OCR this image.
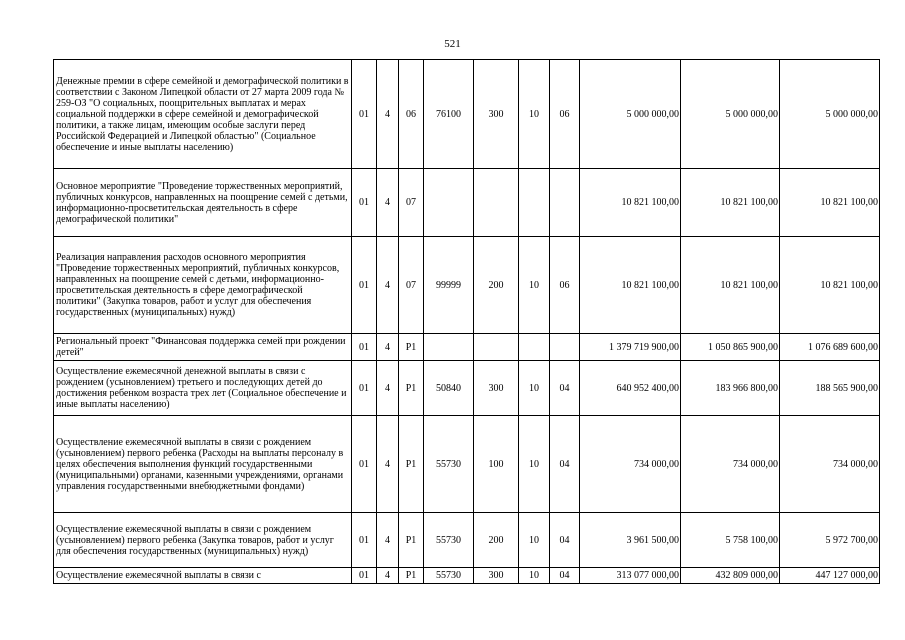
521
Денежные премии в сфере семейной и демографической политики в соответствии с Законом Липецкой области от 27 марта 2009 года № 259-ОЗ "О социальных, поощрительных выплатах и мерах социальной поддержки в сфере семейной и демографической политики, а также лицам, имеющим особые заслуги перед Российской Федерацией и Липецкой областью" (Социальное обеспечение и иные выплаты населению)	01	4	06	76100	300	10	06	5 000 000,00	5 000 000,00	5 000 000,00
Основное мероприятие "Проведение торжественных мероприятий, публичных конкурсов, направленных на поощрение семей с детьми, информационно-просветительская деятельность в сфере демографической политики"	01	4	07					10 821 100,00	10 821 100,00	10 821 100,00
Реализация направления расходов основного мероприятия "Проведение торжественных мероприятий, публичных конкурсов, направленных на поощрение семей с детьми, информационно-просветительская деятельность в сфере демографической политики" (Закупка товаров, работ и услуг для обеспечения государственных (муниципальных) нужд)	01	4	07	99999	200	10	06	10 821 100,00	10 821 100,00	10 821 100,00
Региональный проект "Финансовая поддержка семей при рождении детей"	01	4	P1					1 379 719 900,00	1 050 865 900,00	1 076 689 600,00
Осуществление ежемесячной денежной выплаты в связи с рождением (усыновлением) третьего и последующих детей до достижения ребенком возраста трех лет (Социальное обеспечение и иные выплаты населению)	01	4	P1	50840	300	10	04	640 952 400,00	183 966 800,00	188 565 900,00
Осуществление ежемесячной выплаты в связи с рождением (усыновлением) первого ребенка (Расходы на выплаты персоналу в целях обеспечения выполнения функций государственными (муниципальными) органами, казенными учреждениями, органами управления государственными внебюджетными фондами)	01	4	P1	55730	100	10	04	734 000,00	734 000,00	734 000,00
Осуществление ежемесячной выплаты в связи с рождением (усыновлением) первого ребенка (Закупка товаров, работ и услуг для обеспечения государственных (муниципальных) нужд)	01	4	P1	55730	200	10	04	3 961 500,00	5 758 100,00	5 972 700,00
Осуществление ежемесячной выплаты в связи с	01	4	P1	55730	300	10	04	313 077 000,00	432 809 000,00	447 127 000,00
